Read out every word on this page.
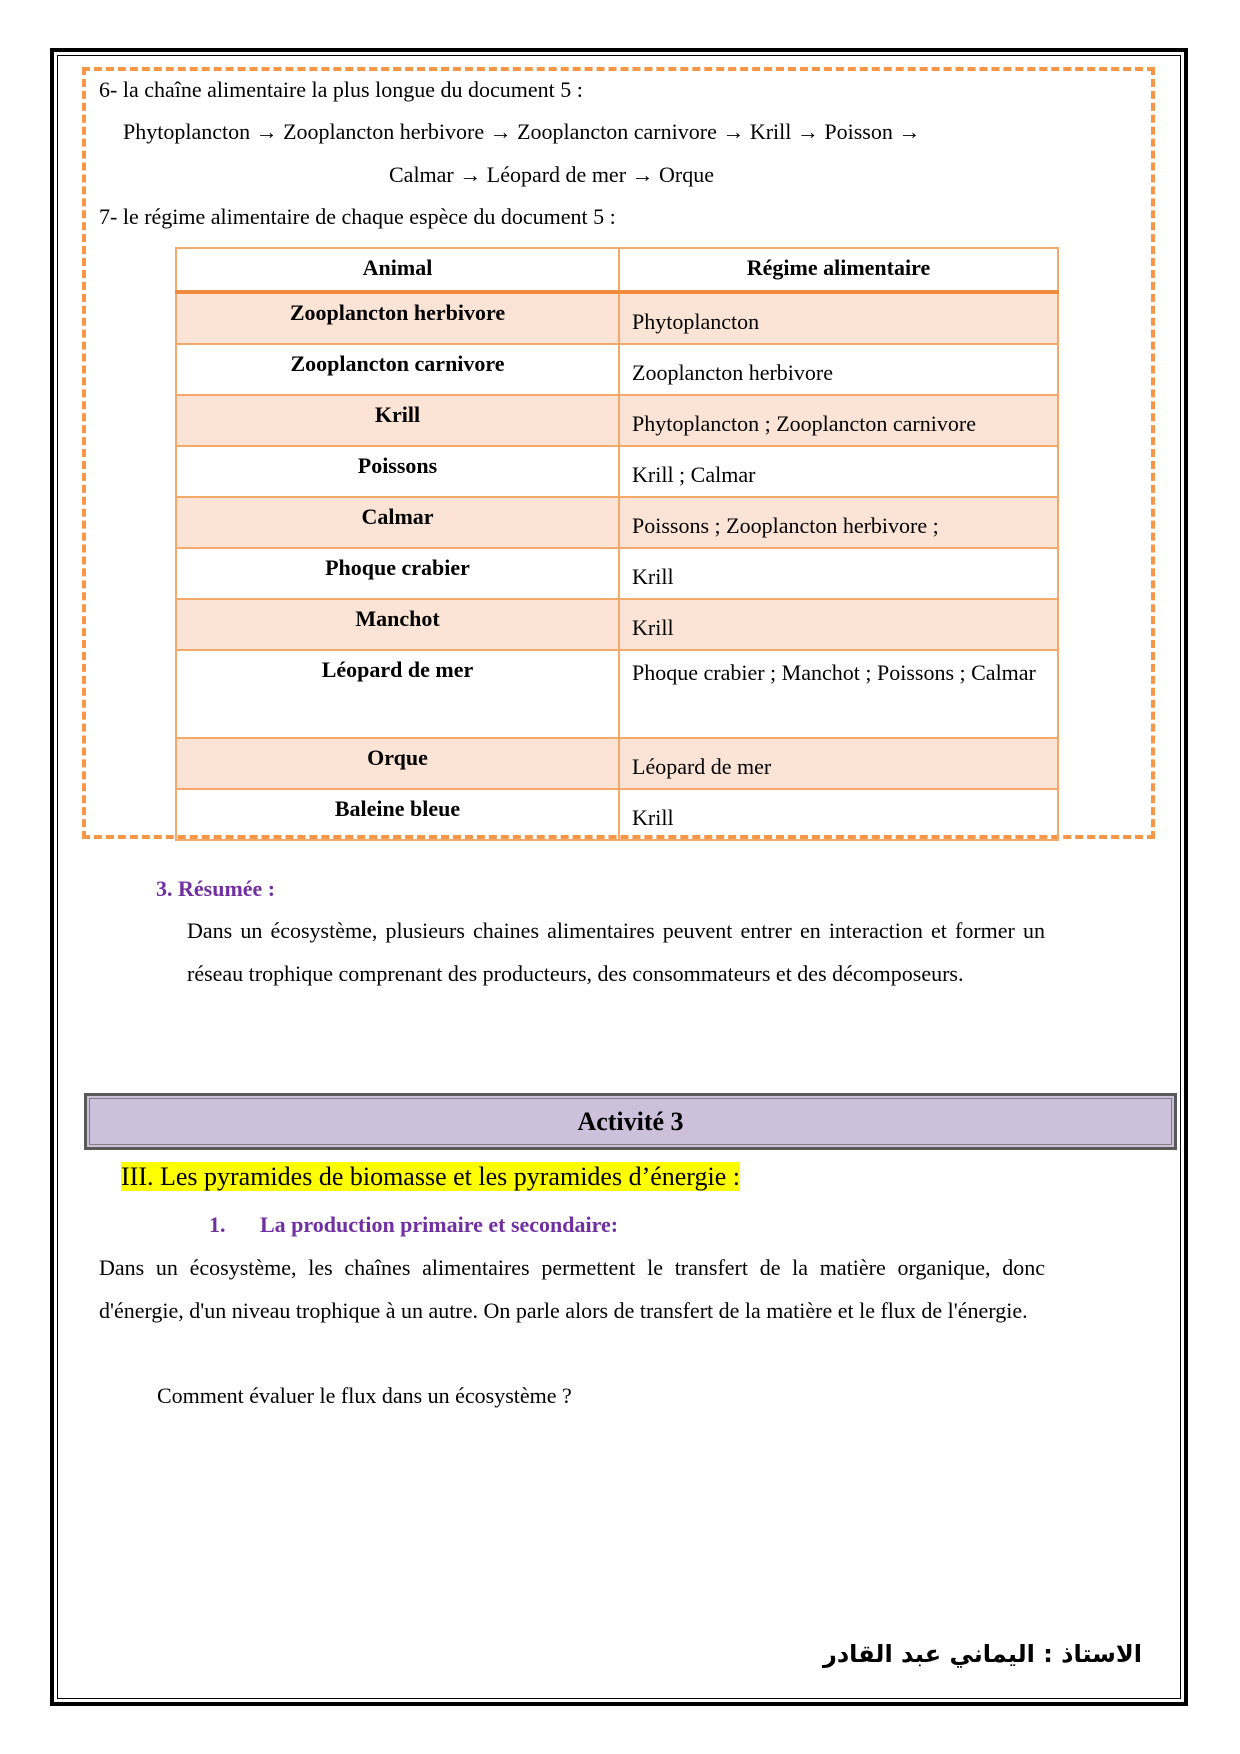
6- la chaîne alimentaire la plus longue du document 5 :
Phytoplancton → Zooplancton herbivore → Zooplancton carnivore → Krill → Poisson →
Calmar → Léopard de mer → Orque
7- le régime alimentaire de chaque espèce du document 5 :
Animal	Régime alimentaire
Zooplancton herbivore	Phytoplancton
Zooplancton carnivore	Zooplancton herbivore
Krill	Phytoplancton ; Zooplancton carnivore
Poissons	Krill ; Calmar
Calmar	Poissons ; Zooplancton herbivore ;
Phoque crabier	Krill
Manchot	Krill
Léopard de mer	Phoque crabier ; Manchot ; Poissons ; Calmar
Orque	Léopard de mer
Baleine bleue	Krill
3. Résumée :
Dans un écosystème, plusieurs chaines alimentaires peuvent entrer en interaction et former un réseau trophique comprenant des producteurs, des consommateurs et des décomposeurs.
Activité 3
III. Les pyramides de biomasse et les pyramides d’énergie :
1. La production primaire et secondaire:
Dans un écosystème, les chaînes alimentaires permettent le transfert de la matière organique, donc d'énergie, d'un niveau trophique à un autre. On parle alors de transfert de la matière et le flux de l'énergie.
Comment évaluer le flux dans un écosystème ?
الاستاذ : اليماني عبد القادر
